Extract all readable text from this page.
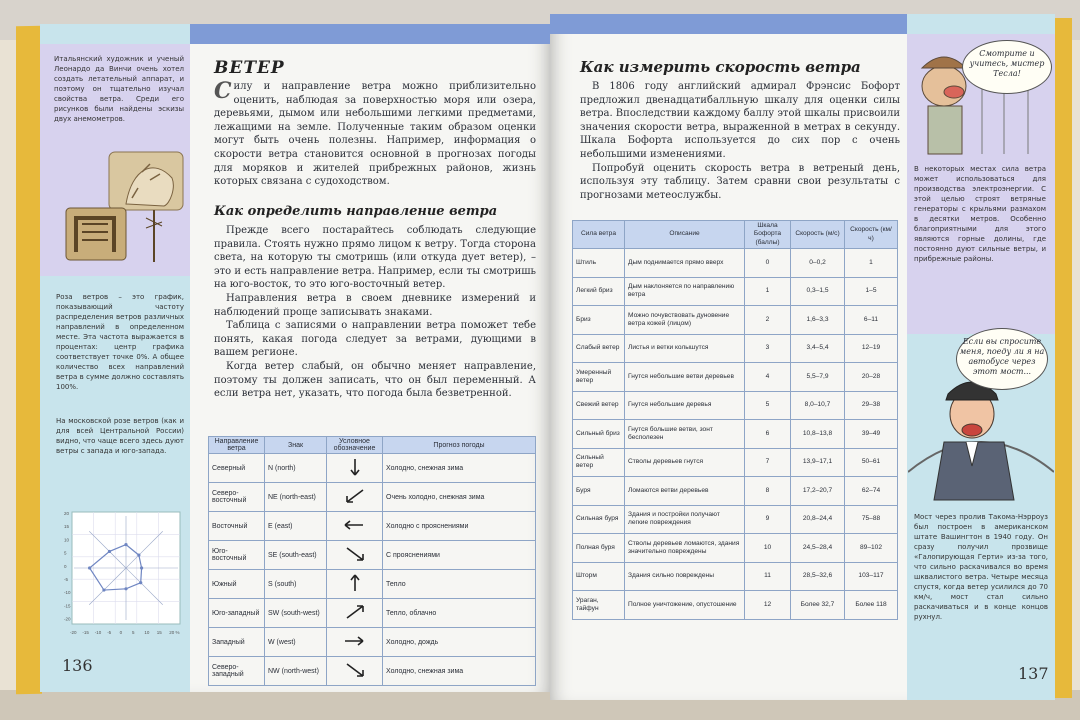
Итальянский художник и ученый Леонардо да Винчи очень хотел создать летательный аппарат, и поэтому он тщательно изучал свойства ветра. Среди его рисунков были найдены эскизы двух анемометров.
Роза ветров – это график, показывающий частоту распределения ветров различных направлений в определенном месте. Эта частота выражается в процентах: центр графика соответствует точке 0%. А общее количество всех направлений ветра в сумме должно составлять 100%.
На московской розе ветров (как и для всей Центральной России) видно, что чаще всего здесь дуют ветры с запада и юго-запада.
20
15
10
5
0
-5
-10
-15
-20
-20 -15 -10 -5 0 5 10 15 20 %
136
ВЕТЕР
Силу и направление ветра можно приблизительно оценить, наблюдая за поверхностью моря или озера, деревьями, дымом или небольшими легкими предметами, лежащими на земле. Полученные таким образом оценки могут быть очень полезны. Например, информация о скорости ветра становится основной в прогнозах погоды для моряков и жителей прибрежных районов, жизнь которых связана с судоходством.
Как определить направление ветра

Прежде всего постарайтесь соблюдать следующие правила. Стоять нужно прямо лицом к ветру. Тогда сторона света, на которую ты смотришь (или откуда дует ветер), – это и есть направление ветра. Например, если ты смотришь на юго-восток, то это юго-восточный ветер.

Направления ветра в своем дневнике измерений и наблюдений проще записывать знаками.

Таблица с записями о направлении ветра поможет тебе понять, какая погода следует за ветрами, дующими в вашем регионе.

Когда ветер слабый, он обычно меняет направление, поэтому ты должен записать, что он был переменный. А если ветра нет, указать, что погода была безветренной.

Направление ветра	Знак	Условное обозначение	Прогноз погоды
Северный	N (north)		Холодно, снежная зима
Северо-восточный	NE (north-east)		Очень холодно, снежная зима
Восточный	E (east)		Холодно с прояснениями
Юго-восточный	SE (south-east)		С прояснениями
Южный	S (south)		Тепло
Юго-западный	SW (south-west)		Тепло, облачно
Западный	W (west)		Холодно, дождь
Северо-западный	NW (north-west)		Холодно, снежная зима
Как измерить скорость ветра

В 1806 году английский адмирал Фрэнсис Бофорт предложил двенадцатибалльную шкалу для оценки силы ветра. Впоследствии каждому баллу этой шкалы присвоили значения скорости ветра, выраженной в метрах в секунду. Шкала Бофорта используется до сих пор с очень небольшими изменениями.

Попробуй оценить скорость ветра в ветреный день, используя эту таблицу. Затем сравни свои результаты с прогнозами метеослужбы.

Сила ветра	Описание	Шкала Бофорта (баллы)	Скорость (м/с)	Скорость (км/ч)
Штиль	Дым поднимается прямо вверх	0	0–0,2	1
Легкий бриз	Дым наклоняется по направлению ветра	1	0,3–1,5	1–5
Бриз	Можно почувствовать дуновение ветра кожей (лицом)	2	1,6–3,3	6–11
Слабый ветер	Листья и ветки колышутся	3	3,4–5,4	12–19
Умеренный ветер	Гнутся небольшие ветви деревьев	4	5,5–7,9	20–28
Свежий ветер	Гнутся небольшие деревья	5	8,0–10,7	29–38
Сильный бриз	Гнутся большие ветви, зонт бесполезен	6	10,8–13,8	39–49
Сильный ветер	Стволы деревьев гнутся	7	13,9–17,1	50–61
Буря	Ломаются ветви деревьев	8	17,2–20,7	62–74
Сильная буря	Здания и постройки получают легкие повреждения	9	20,8–24,4	75–88
Полная буря	Стволы деревьев ломаются, здания значительно повреждены	10	24,5–28,4	89–102
Шторм	Здания сильно повреждены	11	28,5–32,6	103–117
Ураган, тайфун	Полное уничтожение, опустошение	12	Более 32,7	Более 118
Смотрите и учитесь, мистер Тесла!
В некоторых местах сила ветра может использоваться для производства электроэнергии. С этой целью строят ветряные генераторы с крыльями размахом в десятки метров. Особенно благоприятными для этого являются горные долины, где постоянно дуют сильные ветры, и прибрежные районы.
Если вы спросите меня, поеду ли я на автобусе через этот мост...
Мост через пролив Такома-Нэрроуз был построен в американском штате Вашингтон в 1940 году. Он сразу получил прозвище «Галопирующая Герти» из-за того, что сильно раскачивался во время шквалистого ветра. Четыре месяца спустя, когда ветер усилился до 70 км/ч, мост стал сильно раскачиваться и в конце концов рухнул.
137
